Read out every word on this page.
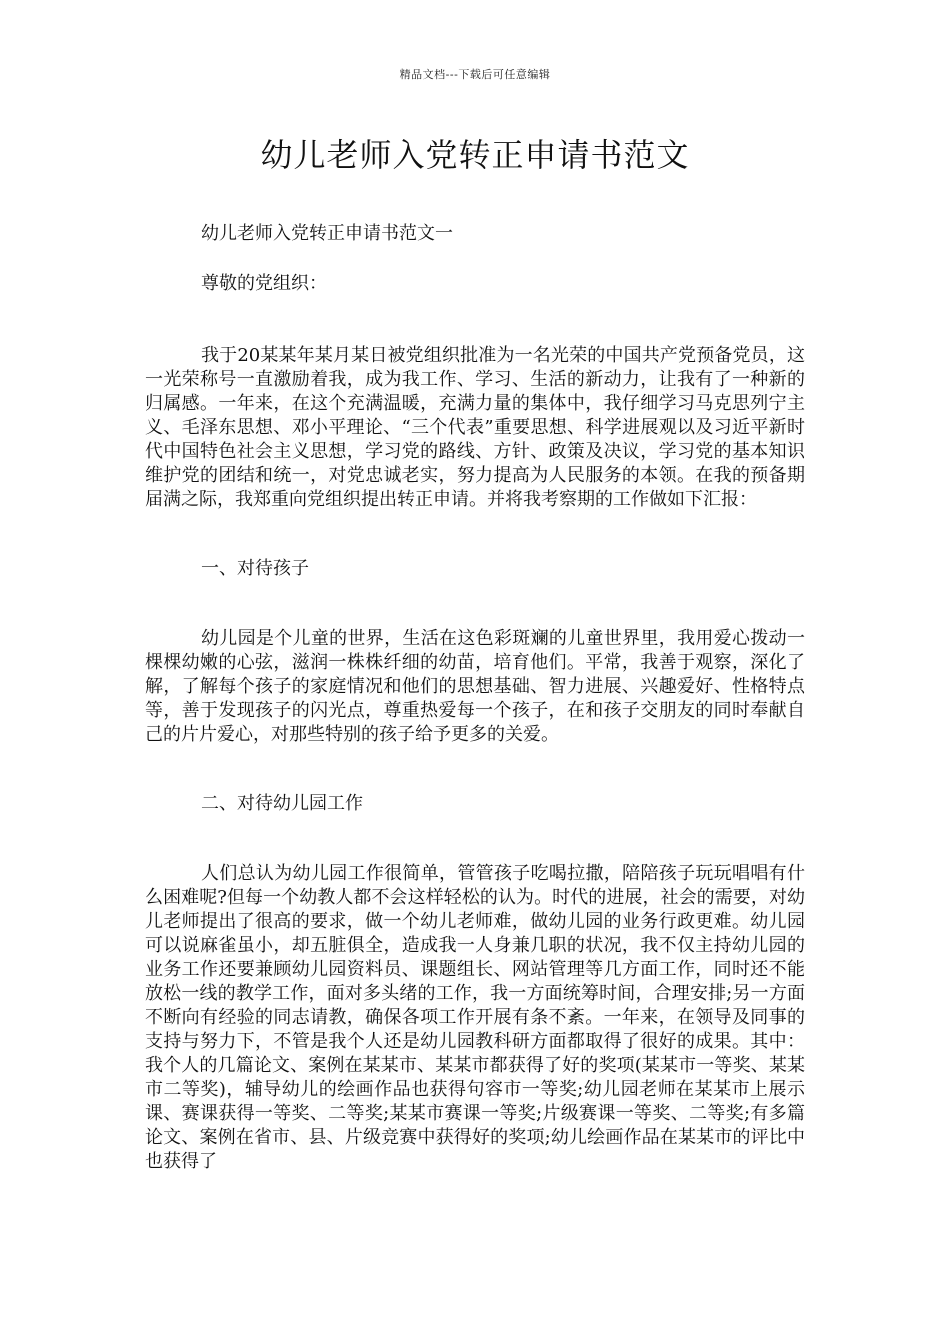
精品文档---下载后可任意编辑
幼儿老师入党转正申请书范文

幼儿老师入党转正申请书范文一

尊敬的党组织：

我于20某某年某月某日被党组织批准为一名光荣的中国共产党预备党员，这一光荣称号一直激励着我，成为我工作、学习、生活的新动力，让我有了一种新的归属感。一年来，在这个充满温暖，充满力量的集体中，我仔细学习马克思列宁主义、毛泽东思想、邓小平理论、“三个代表”重要思想、科学进展观以及习近平新时代中国特色社会主义思想，学习党的路线、方针、政策及决议，学习党的基本知识维护党的团结和统一，对党忠诚老实，努力提高为人民服务的本领。在我的预备期届满之际，我郑重向党组织提出转正申请。并将我考察期的工作做如下汇报：

一、对待孩子

幼儿园是个儿童的世界，生活在这色彩斑斓的儿童世界里，我用爱心拨动一棵棵幼嫩的心弦，滋润一株株纤细的幼苗，培育他们。平常，我善于观察，深化了解，了解每个孩子的家庭情况和他们的思想基础、智力进展、兴趣爱好、性格特点等，善于发现孩子的闪光点，尊重热爱每一个孩子，在和孩子交朋友的同时奉献自己的片片爱心，对那些特别的孩子给予更多的关爱。

二、对待幼儿园工作

人们总认为幼儿园工作很简单，管管孩子吃喝拉撒，陪陪孩子玩玩唱唱有什么困难呢?但每一个幼教人都不会这样轻松的认为。时代的进展，社会的需要，对幼儿老师提出了很高的要求，做一个幼儿老师难，做幼儿园的业务行政更难。幼儿园可以说麻雀虽小，却五脏俱全，造成我一人身兼几职的状况，我不仅主持幼儿园的业务工作还要兼顾幼儿园资料员、课题组长、网站管理等几方面工作，同时还不能放松一线的教学工作，面对多头绪的工作，我一方面统筹时间，合理安排;另一方面不断向有经验的同志请教，确保各项工作开展有条不紊。一年来，在领导及同事的支持与努力下，不管是我个人还是幼儿园教科研方面都取得了很好的成果。其中：我个人的几篇论文、案例在某某市、某某市都获得了好的奖项(某某市一等奖、某某市二等奖)，辅导幼儿的绘画作品也获得句容市一等奖;幼儿园老师在某某市上展示课、赛课获得一等奖、二等奖;某某市赛课一等奖;片级赛课一等奖、二等奖;有多篇论文、案例在省市、县、片级竞赛中获得好的奖项;幼儿绘画作品在某某市的评比中也获得了
